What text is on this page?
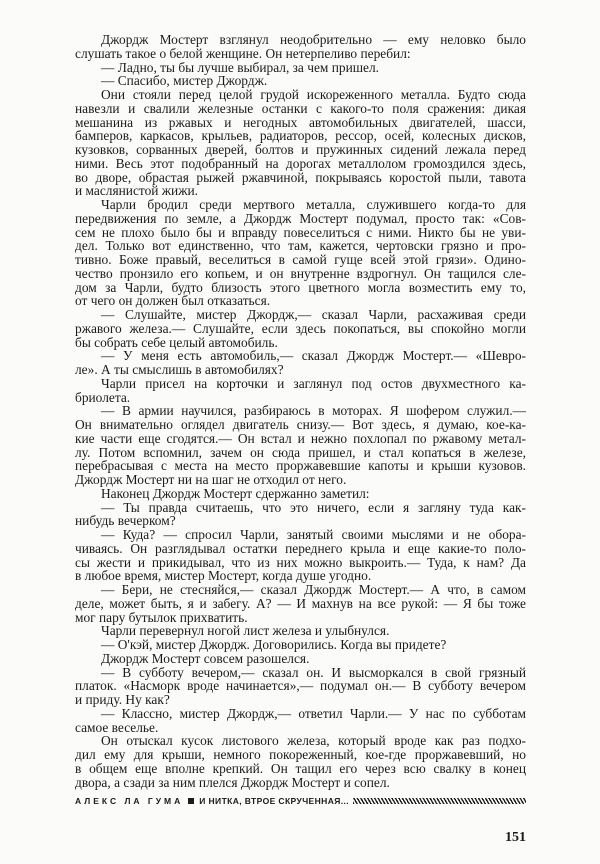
Джордж Мостерт взглянул неодобрительно — ему неловко было
слушать такое о белой женщине. Он нетерпеливо перебил:
— Ладно, ты бы лучше выбирал, за чем пришел.
— Спасибо, мистер Джордж.
Они стояли перед целой грудой искореженного металла. Будто сюда
навезли и свалили железные останки с какого-то поля сражения: дикая
мешанина из ржавых и негодных автомобильных двигателей, шасси,
бамперов, каркасов, крыльев, радиаторов, рессор, осей, колесных дисков,
кузовков, сорванных дверей, болтов и пружинных сидений лежала перед
ними. Весь этот подобранный на дорогах металлолом громоздился здесь,
во дворе, обрастая рыжей ржавчиной, покрываясь коростой пыли, тавота
и маслянистой жижи.
Чарли бродил среди мертвого металла, служившего когда-то для
передвижения по земле, а Джордж Мостерт подумал, просто так: «Сов-
сем не плохо было бы и вправду повеселиться с ними. Никто бы не уви-
дел. Только вот единственно, что там, кажется, чертовски грязно и про-
тивно. Боже правый, веселиться в самой гуще всей этой грязи». Одино-
чество пронзило его копьем, и он внутренне вздрогнул. Он тащился сле-
дом за Чарли, будто близость этого цветного могла возместить ему то,
от чего он должен был отказаться.
— Слушайте, мистер Джордж,— сказал Чарли, расхаживая среди
ржавого железа.— Слушайте, если здесь покопаться, вы спокойно могли
бы собрать себе целый автомобиль.
— У меня есть автомобиль,— сказал Джордж Мостерт.— «Шевро-
ле». А ты смыслишь в автомобилях?
Чарли присел на корточки и заглянул под остов двухместного ка-
бриолета.
— В армии научился, разбираюсь в моторах. Я шофером служил.—
Он внимательно оглядел двигатель снизу.— Вот здесь, я думаю, кое-ка-
кие части еще сгодятся.— Он встал и нежно похлопал по ржавому метал-
лу. Потом вспомнил, зачем он сюда пришел, и стал копаться в железе,
перебрасывая с места на место проржавевшие капоты и крыши кузовов.
Джордж Мостерт ни на шаг не отходил от него.
Наконец Джордж Мостерт сдержанно заметил:
— Ты правда считаешь, что это ничего, если я загляну туда как-
нибудь вечерком?
— Куда? — спросил Чарли, занятый своими мыслями и не обора-
чиваясь. Он разглядывал остатки переднего крыла и еще какие-то поло-
сы жести и прикидывал, что из них можно выкроить.— Туда, к нам? Да
в любое время, мистер Мостерт, когда душе угодно.
— Бери, не стесняйся,— сказал Джордж Мостерт.— А что, в самом
деле, может быть, я и забегу. А? — И махнув на все рукой: — Я бы тоже
мог пару бутылок прихватить.
Чарли перевернул ногой лист железа и улыбнулся.
— О'кэй, мистер Джордж. Договорились. Когда вы придете?
Джордж Мостерт совсем разошелся.
— В субботу вечером,— сказал он. И высморкался в свой грязный
платок. «Насморк вроде начинается»,— подумал он.— В субботу вечером
и приду. Ну как?
— Классно, мистер Джордж,— ответил Чарли.— У нас по субботам
самое веселье.
Он отыскал кусок листового железа, который вроде как раз подхо-
дил ему для крыши, немного покореженный, кое-где проржавевший, но
в общем еще вполне крепкий. Он тащил его через всю свалку в конец
двора, а сзади за ним плелся Джордж Мостерт и сопел.
АЛЕКС ЛА ГУМА И НИТКА, ВТРОЕ СКРУЧЕННАЯ...
151
